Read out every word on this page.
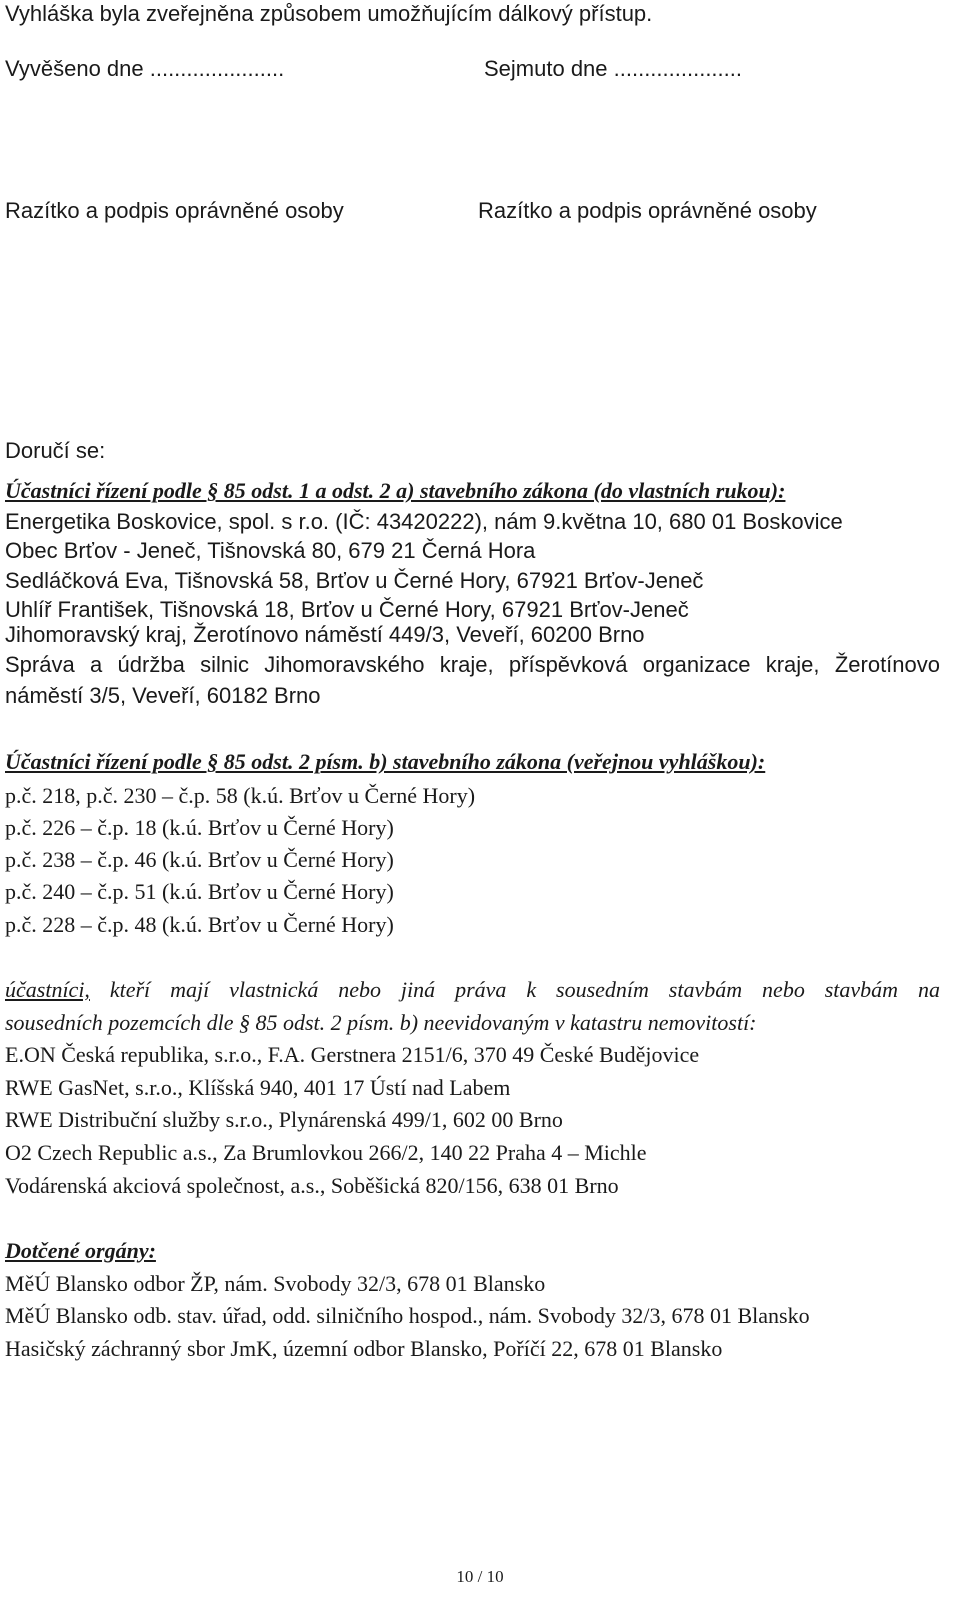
Vyhláška byla zveřejněna způsobem umožňujícím dálkový přístup.
Vyvěšeno dne ......................	Sejmuto dne .....................
Razítko a podpis oprávněné osoby	Razítko a podpis oprávněné osoby
Doručí se:
Účastníci řízení podle § 85 odst. 1 a odst. 2 a) stavebního zákona (do vlastních rukou):
Energetika Boskovice, spol. s r.o. (IČ: 43420222), nám 9.května 10, 680 01 Boskovice
Obec Brťov - Jeneč, Tišnovská 80, 679 21 Černá Hora
Sedláčková Eva, Tišnovská 58, Brťov u Černé Hory, 67921 Brťov-Jeneč
Uhlíř František, Tišnovská 18, Brťov u Černé Hory, 67921 Brťov-Jeneč
Jihomoravský kraj, Žerotínovo náměstí 449/3, Veveří, 60200 Brno
Správa a údržba silnic Jihomoravského kraje, příspěvková organizace kraje, Žerotínovo
náměstí 3/5, Veveří, 60182 Brno
Účastníci řízení podle § 85 odst. 2 písm. b) stavebního zákona (veřejnou vyhláškou):
p.č. 218, p.č. 230 – č.p. 58 (k.ú. Brťov u Černé Hory)
p.č. 226 – č.p. 18 (k.ú. Brťov u Černé Hory)
p.č. 238 – č.p. 46 (k.ú. Brťov u Černé Hory)
p.č. 240 – č.p. 51 (k.ú. Brťov u Černé Hory)
p.č. 228 – č.p. 48 (k.ú. Brťov u Černé Hory)
účastníci, kteří mají vlastnická nebo jiná práva k sousedním stavbám nebo stavbám na
sousedních pozemcích dle § 85 odst. 2 písm. b) neevidovaným v katastru nemovitostí:
E.ON Česká republika, s.r.o., F.A. Gerstnera 2151/6, 370 49 České Budějovice
RWE GasNet, s.r.o., Klíšská 940, 401 17 Ústí nad Labem
RWE Distribuční služby s.r.o., Plynárenská 499/1, 602 00 Brno
O2 Czech Republic a.s., Za Brumlovkou 266/2, 140 22 Praha 4 – Michle
Vodárenská akciová společnost, a.s., Soběšická 820/156, 638 01 Brno
Dotčené orgány:
MěÚ Blansko odbor ŽP, nám. Svobody 32/3, 678 01 Blansko
MěÚ Blansko odb. stav. úřad, odd. silničního hospod., nám. Svobody 32/3, 678 01 Blansko
Hasičský záchranný sbor JmK, územní odbor Blansko, Poříčí 22, 678 01 Blansko
10 / 10
